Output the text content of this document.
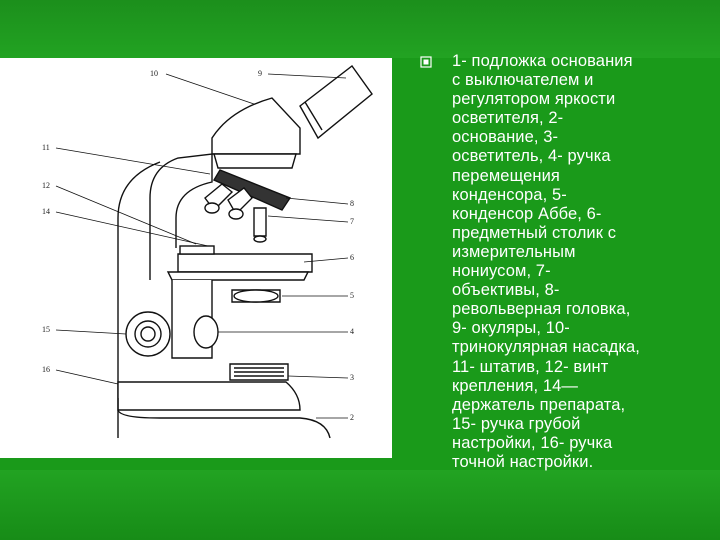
10	9
11
12
14
15
16
8
7
6
5
4
3
2

1- подложка основания
с выключателем и
регулятором яркости
осветителя, 2-
основание, 3-
осветитель, 4- ручка
перемещения
конденсора, 5-
конденсор Аббе, 6-
предметный столик с
измерительным
нониусом, 7-
объективы, 8-
револьверная головка,
9- окуляры, 10-
тринокулярная насадка,
11- штатив, 12- винт
крепления, 14—
держатель препарата,
15- ручка грубой
настройки, 16- ручка
точной настройки.
